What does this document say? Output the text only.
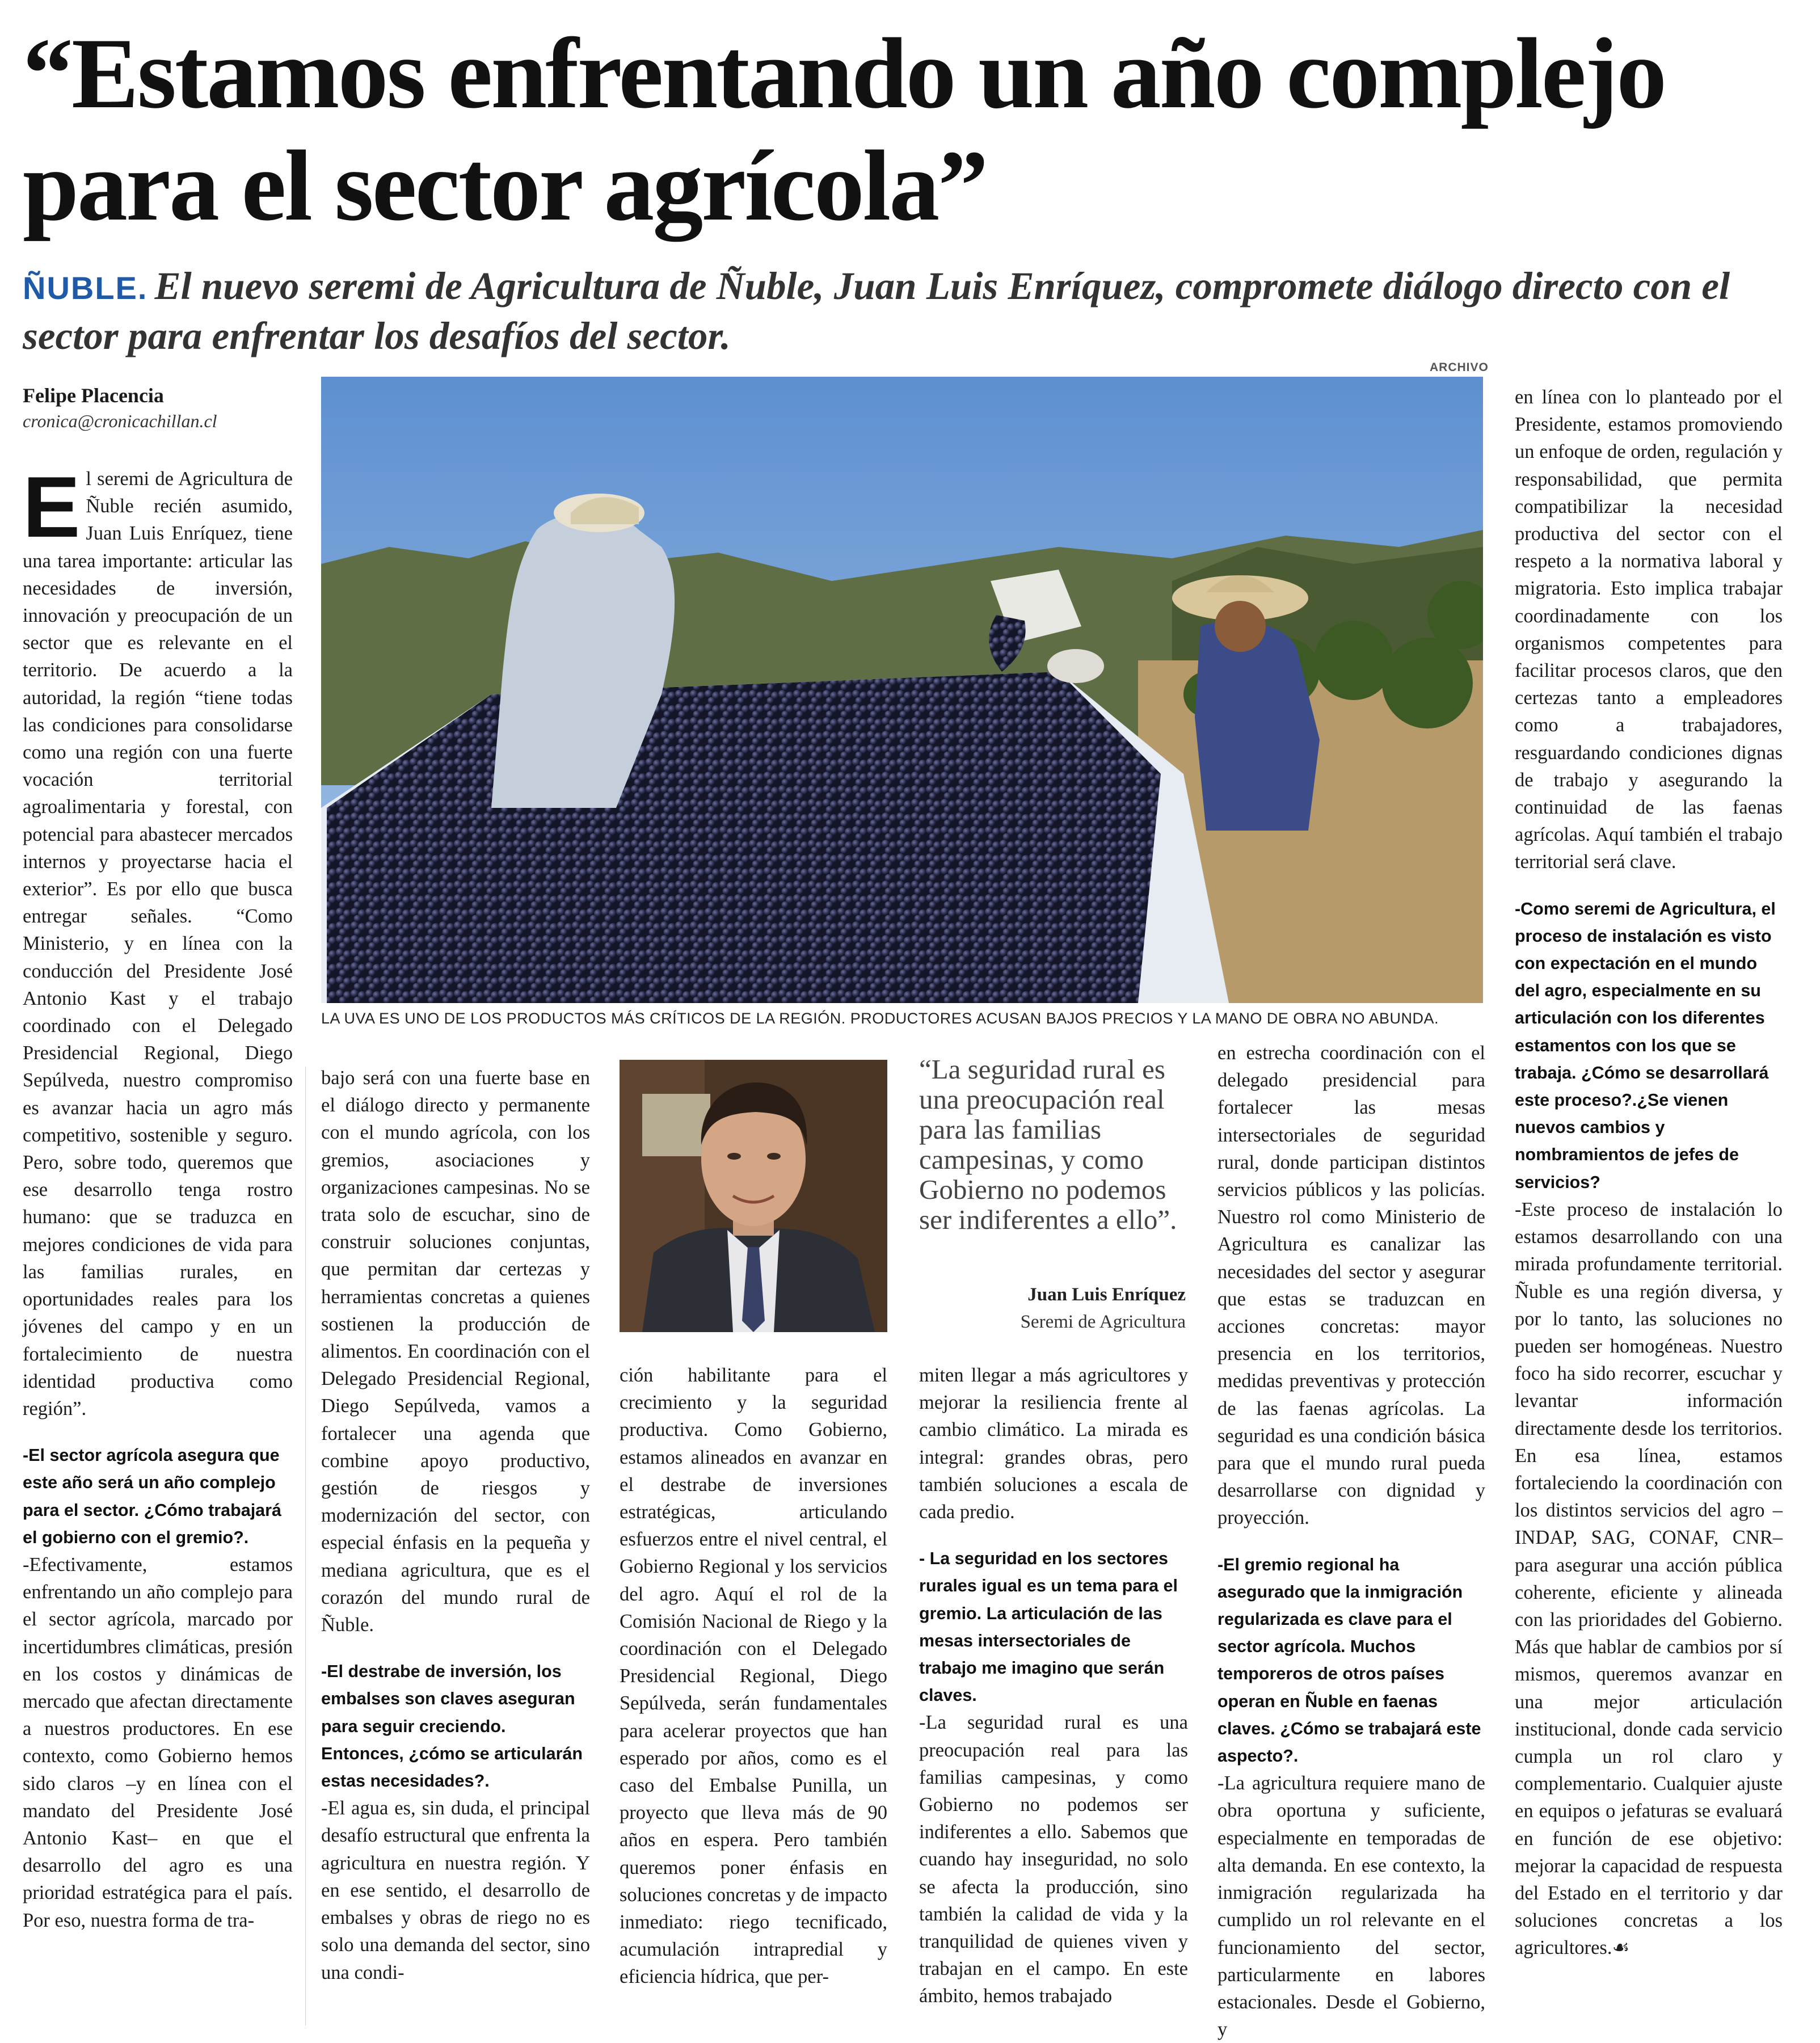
“Estamos enfrentando un año complejo para el sector agrícola”

ÑUBLE. El nuevo seremi de Agricultura de Ñuble, Juan Luis Enríquez, compromete diálogo directo con el sector para enfrentar los desafíos del sector.

Felipe Placencia
cronica@cronicachillan.cl
ARCHIVO
LA UVA ES UNO DE LOS PRODUCTOS MÁS CRÍTICOS DE LA REGIÓN. PRODUCTORES ACUSAN BAJOS PRECIOS Y LA MANO DE OBRA NO ABUNDA.

El seremi de Agricultura de Ñuble recién asumido, Juan Luis Enríquez, tiene una tarea importante: articular las necesidades de inversión, innovación y preocupación de un sector que es relevante en el territorio. De acuerdo a la autoridad, la región “tiene todas las condiciones para consolidarse como una región con una fuerte vocación territorial agroalimentaria y forestal, con potencial para abastecer mercados internos y proyectarse hacia el exterior”. Es por ello que busca entregar señales. “Como Ministerio, y en línea con la conducción del Presidente José Antonio Kast y el trabajo coordinado con el Delegado Presidencial Regional, Diego Sepúlveda, nuestro compromiso es avanzar hacia un agro más competitivo, sostenible y seguro. Pero, sobre todo, queremos que ese desarrollo tenga rostro humano: que se traduzca en mejores condiciones de vida para las familias rurales, en oportunidades reales para los jóvenes del campo y en un fortalecimiento de nuestra identidad productiva como región”.

-El sector agrícola asegura que este año será un año complejo para el sector. ¿Cómo trabajará el gobierno con el gremio?.

-Efectivamente, estamos enfrentando un año complejo para el sector agrícola, marcado por incertidumbres climáticas, presión en los costos y dinámicas de mercado que afectan directamente a nuestros productores. En ese contexto, como Gobierno hemos sido claros –y en línea con el mandato del Presidente José Antonio Kast– en que el desarrollo del agro es una prioridad estratégica para el país. Por eso, nuestra forma de tra-

bajo será con una fuerte base en el diálogo directo y permanente con el mundo agrícola, con los gremios, asociaciones y organizaciones campesinas. No se trata solo de escuchar, sino de construir soluciones conjuntas, que permitan dar certezas y herramientas concretas a quienes sostienen la producción de alimentos. En coordinación con el Delegado Presidencial Regional, Diego Sepúlveda, vamos a fortalecer una agenda que combine apoyo productivo, gestión de riesgos y modernización del sector, con especial énfasis en la pequeña y mediana agricultura, que es el corazón del mundo rural de Ñuble.

-El destrabe de inversión, los embalses son claves aseguran para seguir creciendo. Entonces, ¿cómo se articularán estas necesidades?.

-El agua es, sin duda, el principal desafío estructural que enfrenta la agricultura en nuestra región. Y en ese sentido, el desarrollo de embalses y obras de riego no es solo una demanda del sector, sino una condi-

ción habilitante para el crecimiento y la seguridad productiva. Como Gobierno, estamos alineados en avanzar en el destrabe de inversiones estratégicas, articulando esfuerzos entre el nivel central, el Gobierno Regional y los servicios del agro. Aquí el rol de la Comisión Nacional de Riego y la coordinación con el Delegado Presidencial Regional, Diego Sepúlveda, serán fundamentales para acelerar proyectos que han esperado por años, como es el caso del Embalse Punilla, un proyecto que lleva más de 90 años en espera. Pero también queremos poner énfasis en soluciones concretas y de impacto inmediato: riego tecnificado, acumulación intrapredial y eficiencia hídrica, que per-

“La seguridad rural es una preocupación real para las familias campesinas, y como Gobierno no podemos ser indiferentes a ello”.

Juan Luis Enríquez
Seremi de Agricultura

miten llegar a más agricultores y mejorar la resiliencia frente al cambio climático. La mirada es integral: grandes obras, pero también soluciones a escala de cada predio.

- La seguridad en los sectores rurales igual es un tema para el gremio. La articulación de las mesas intersectoriales de trabajo me imagino que serán claves.

-La seguridad rural es una preocupación real para las familias campesinas, y como Gobierno no podemos ser indiferentes a ello. Sabemos que cuando hay inseguridad, no solo se afecta la producción, sino también la calidad de vida y la tranquilidad de quienes viven y trabajan en el campo. En este ámbito, hemos trabajado

en estrecha coordinación con el delegado presidencial para fortalecer las mesas intersectoriales de seguridad rural, donde participan distintos servicios públicos y las policías. Nuestro rol como Ministerio de Agricultura es canalizar las necesidades del sector y asegurar que estas se traduzcan en acciones concretas: mayor presencia en los territorios, medidas preventivas y protección de las faenas agrícolas. La seguridad es una condición básica para que el mundo rural pueda desarrollarse con dignidad y proyección.

-El gremio regional ha asegurado que la inmigración regularizada es clave para el sector agrícola. Muchos temporeros de otros países operan en Ñuble en faenas claves. ¿Cómo se trabajará este aspecto?.

-La agricultura requiere mano de obra oportuna y suficiente, especialmente en temporadas de alta demanda. En ese contexto, la inmigración regularizada ha cumplido un rol relevante en el funcionamiento del sector, particularmente en labores estacionales. Desde el Gobierno, y

en línea con lo planteado por el Presidente, estamos promoviendo un enfoque de orden, regulación y responsabilidad, que permita compatibilizar la necesidad productiva del sector con el respeto a la normativa laboral y migratoria. Esto implica trabajar coordinadamente con los organismos competentes para facilitar procesos claros, que den certezas tanto a empleadores como a trabajadores, resguardando condiciones dignas de trabajo y asegurando la continuidad de las faenas agrícolas. Aquí también el trabajo territorial será clave.

-Como seremi de Agricultura, el proceso de instalación es visto con expectación en el mundo del agro, especialmente en su articulación con los diferentes estamentos con los que se trabaja. ¿Cómo se desarrollará este proceso?.¿Se vienen nuevos cambios y nombramientos de jefes de servicios?

-Este proceso de instalación lo estamos desarrollando con una mirada profundamente territorial. Ñuble es una región diversa, y por lo tanto, las soluciones no pueden ser homogéneas. Nuestro foco ha sido recorrer, escuchar y levantar información directamente desde los territorios. En esa línea, estamos fortaleciendo la coordinación con los distintos servicios del agro –INDAP, SAG, CONAF, CNR– para asegurar una acción pública coherente, eficiente y alineada con las prioridades del Gobierno. Más que hablar de cambios por sí mismos, queremos avanzar en una mejor articulación institucional, donde cada servicio cumpla un rol claro y complementario. Cualquier ajuste en equipos o jefaturas se evaluará en función de ese objetivo: mejorar la capacidad de respuesta del Estado en el territorio y dar soluciones concretas a los agricultores.☙
